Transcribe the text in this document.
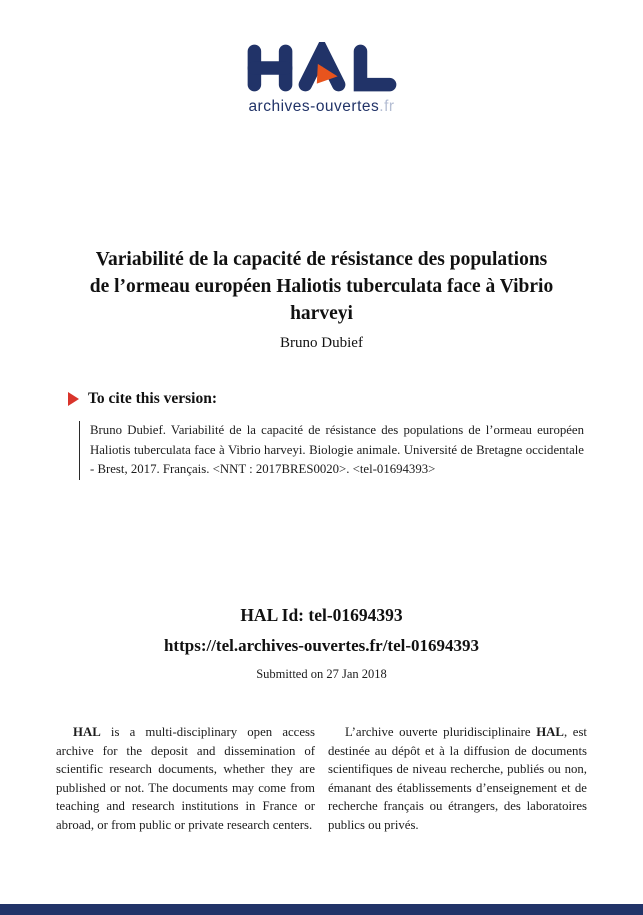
archives-ouvertes.fr
Variabilité de la capacité de résistance des populations
de l’ormeau européen Haliotis tuberculata face à Vibrio
harveyi
Bruno Dubief
To cite this version:

Bruno Dubief. Variabilité de la capacité de résistance des populations de l’ormeau européen Haliotis tuberculata face à Vibrio harveyi. Biologie animale. Université de Bretagne occidentale - Brest, 2017. Français. <NNT : 2017BRES0020>. <tel-01694393>

HAL Id: tel-01694393
https://tel.archives-ouvertes.fr/tel-01694393
Submitted on 27 Jan 2018

HAL is a multi-disciplinary open access archive for the deposit and dissemination of scientific research documents, whether they are published or not. The documents may come from teaching and research institutions in France or abroad, or from public or private research centers.

L’archive ouverte pluridisciplinaire HAL, est destinée au dépôt et à la diffusion de documents scientifiques de niveau recherche, publiés ou non, émanant des établissements d’enseignement et de recherche français ou étrangers, des laboratoires publics ou privés.
